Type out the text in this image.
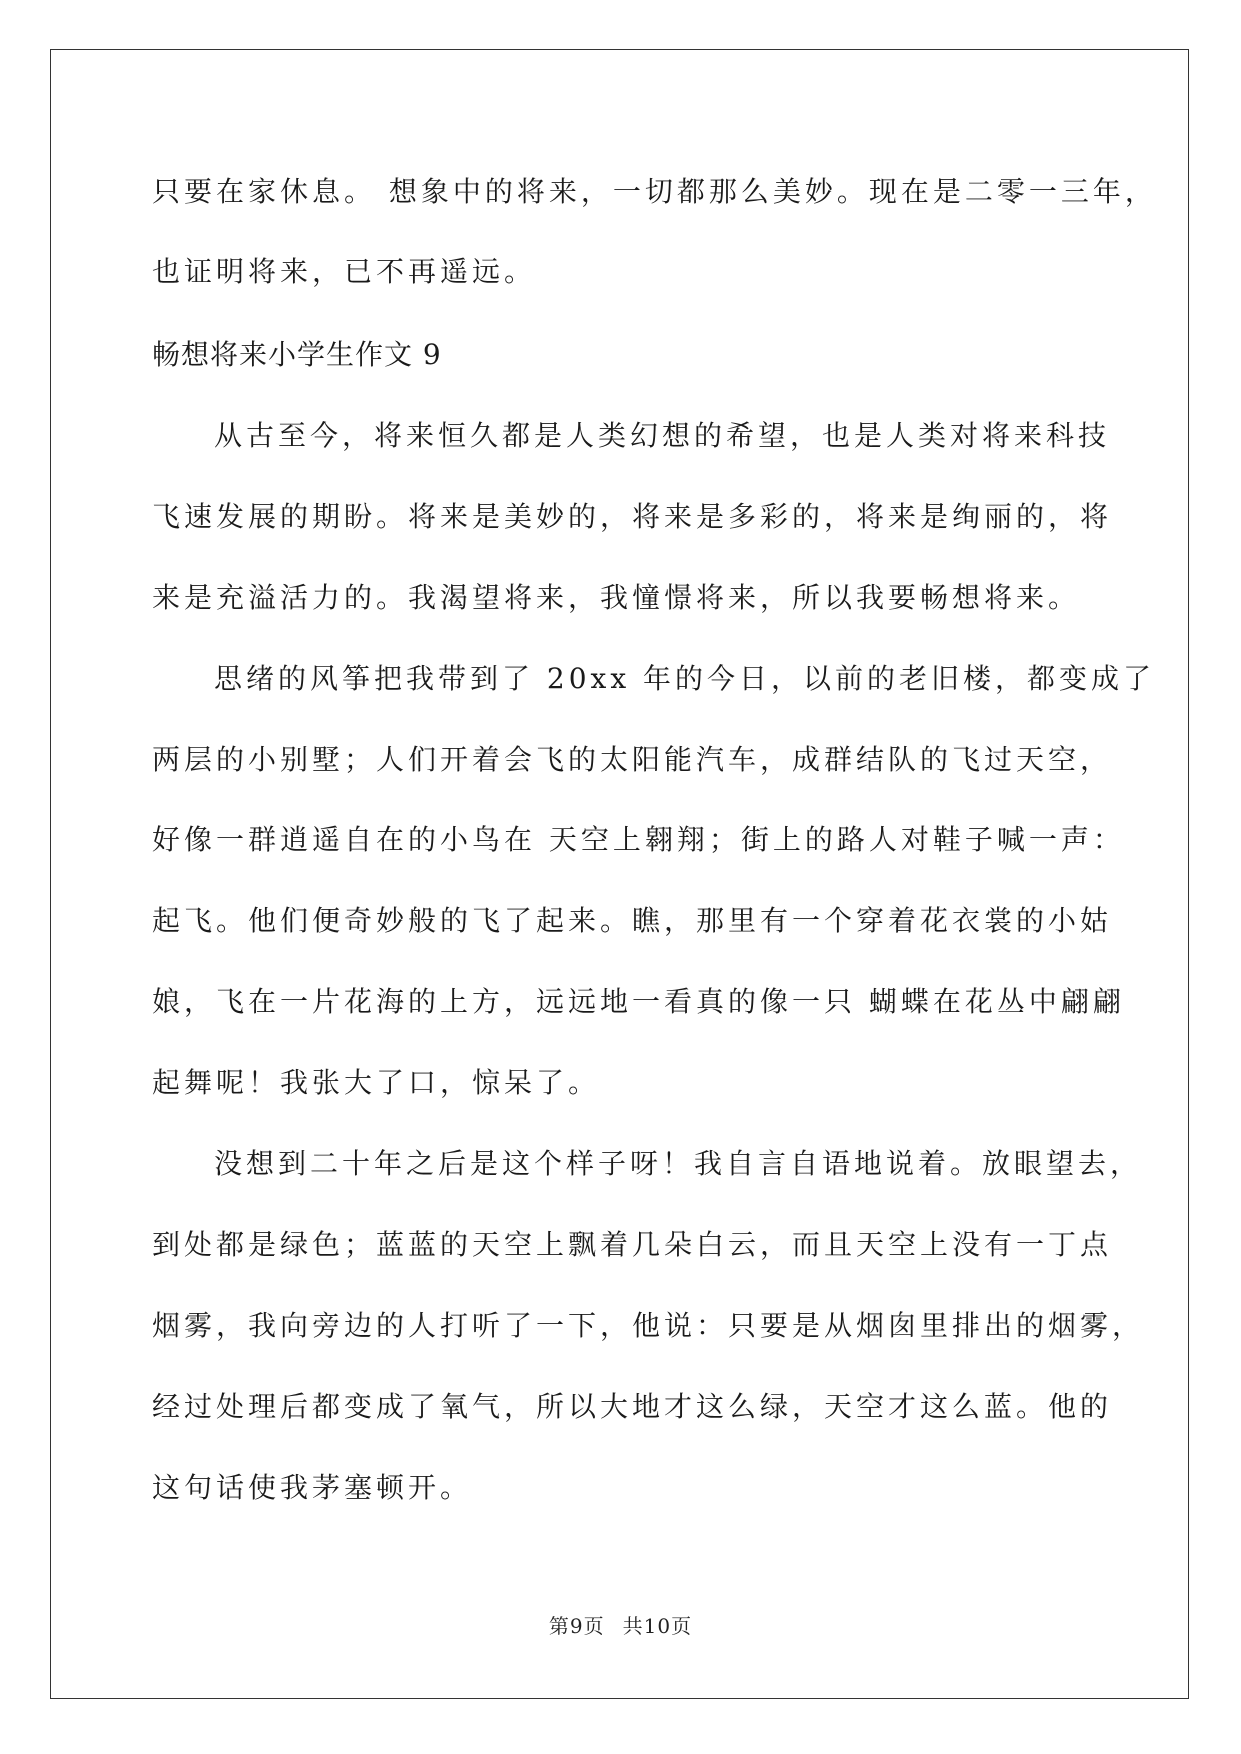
只要在家休息。 想象中的将来，一切都那么美妙。现在是二零一三年，
也证明将来，已不再遥远。
畅想将来小学生作文 9
从古至今，将来恒久都是人类幻想的希望，也是人类对将来科技
飞速发展的期盼。将来是美妙的，将来是多彩的，将来是绚丽的，将
来是充溢活力的。我渴望将来，我憧憬将来，所以我要畅想将来。
思绪的风筝把我带到了 20xx 年的今日，以前的老旧楼，都变成了
两层的小别墅；人们开着会飞的太阳能汽车，成群结队的飞过天空，
好像一群逍遥自在的小鸟在 天空上翱翔；街上的路人对鞋子喊一声：
起飞。他们便奇妙般的飞了起来。瞧，那里有一个穿着花衣裳的小姑
娘，飞在一片花海的上方，远远地一看真的像一只 蝴蝶在花丛中翩翩
起舞呢！我张大了口，惊呆了。
没想到二十年之后是这个样子呀！我自言自语地说着。放眼望去，
到处都是绿色；蓝蓝的天空上飘着几朵白云，而且天空上没有一丁点
烟雾，我向旁边的人打听了一下，他说：只要是从烟囱里排出的烟雾，
经过处理后都变成了氧气，所以大地才这么绿，天空才这么蓝。他的
这句话使我茅塞顿开。
第9页 共10页
